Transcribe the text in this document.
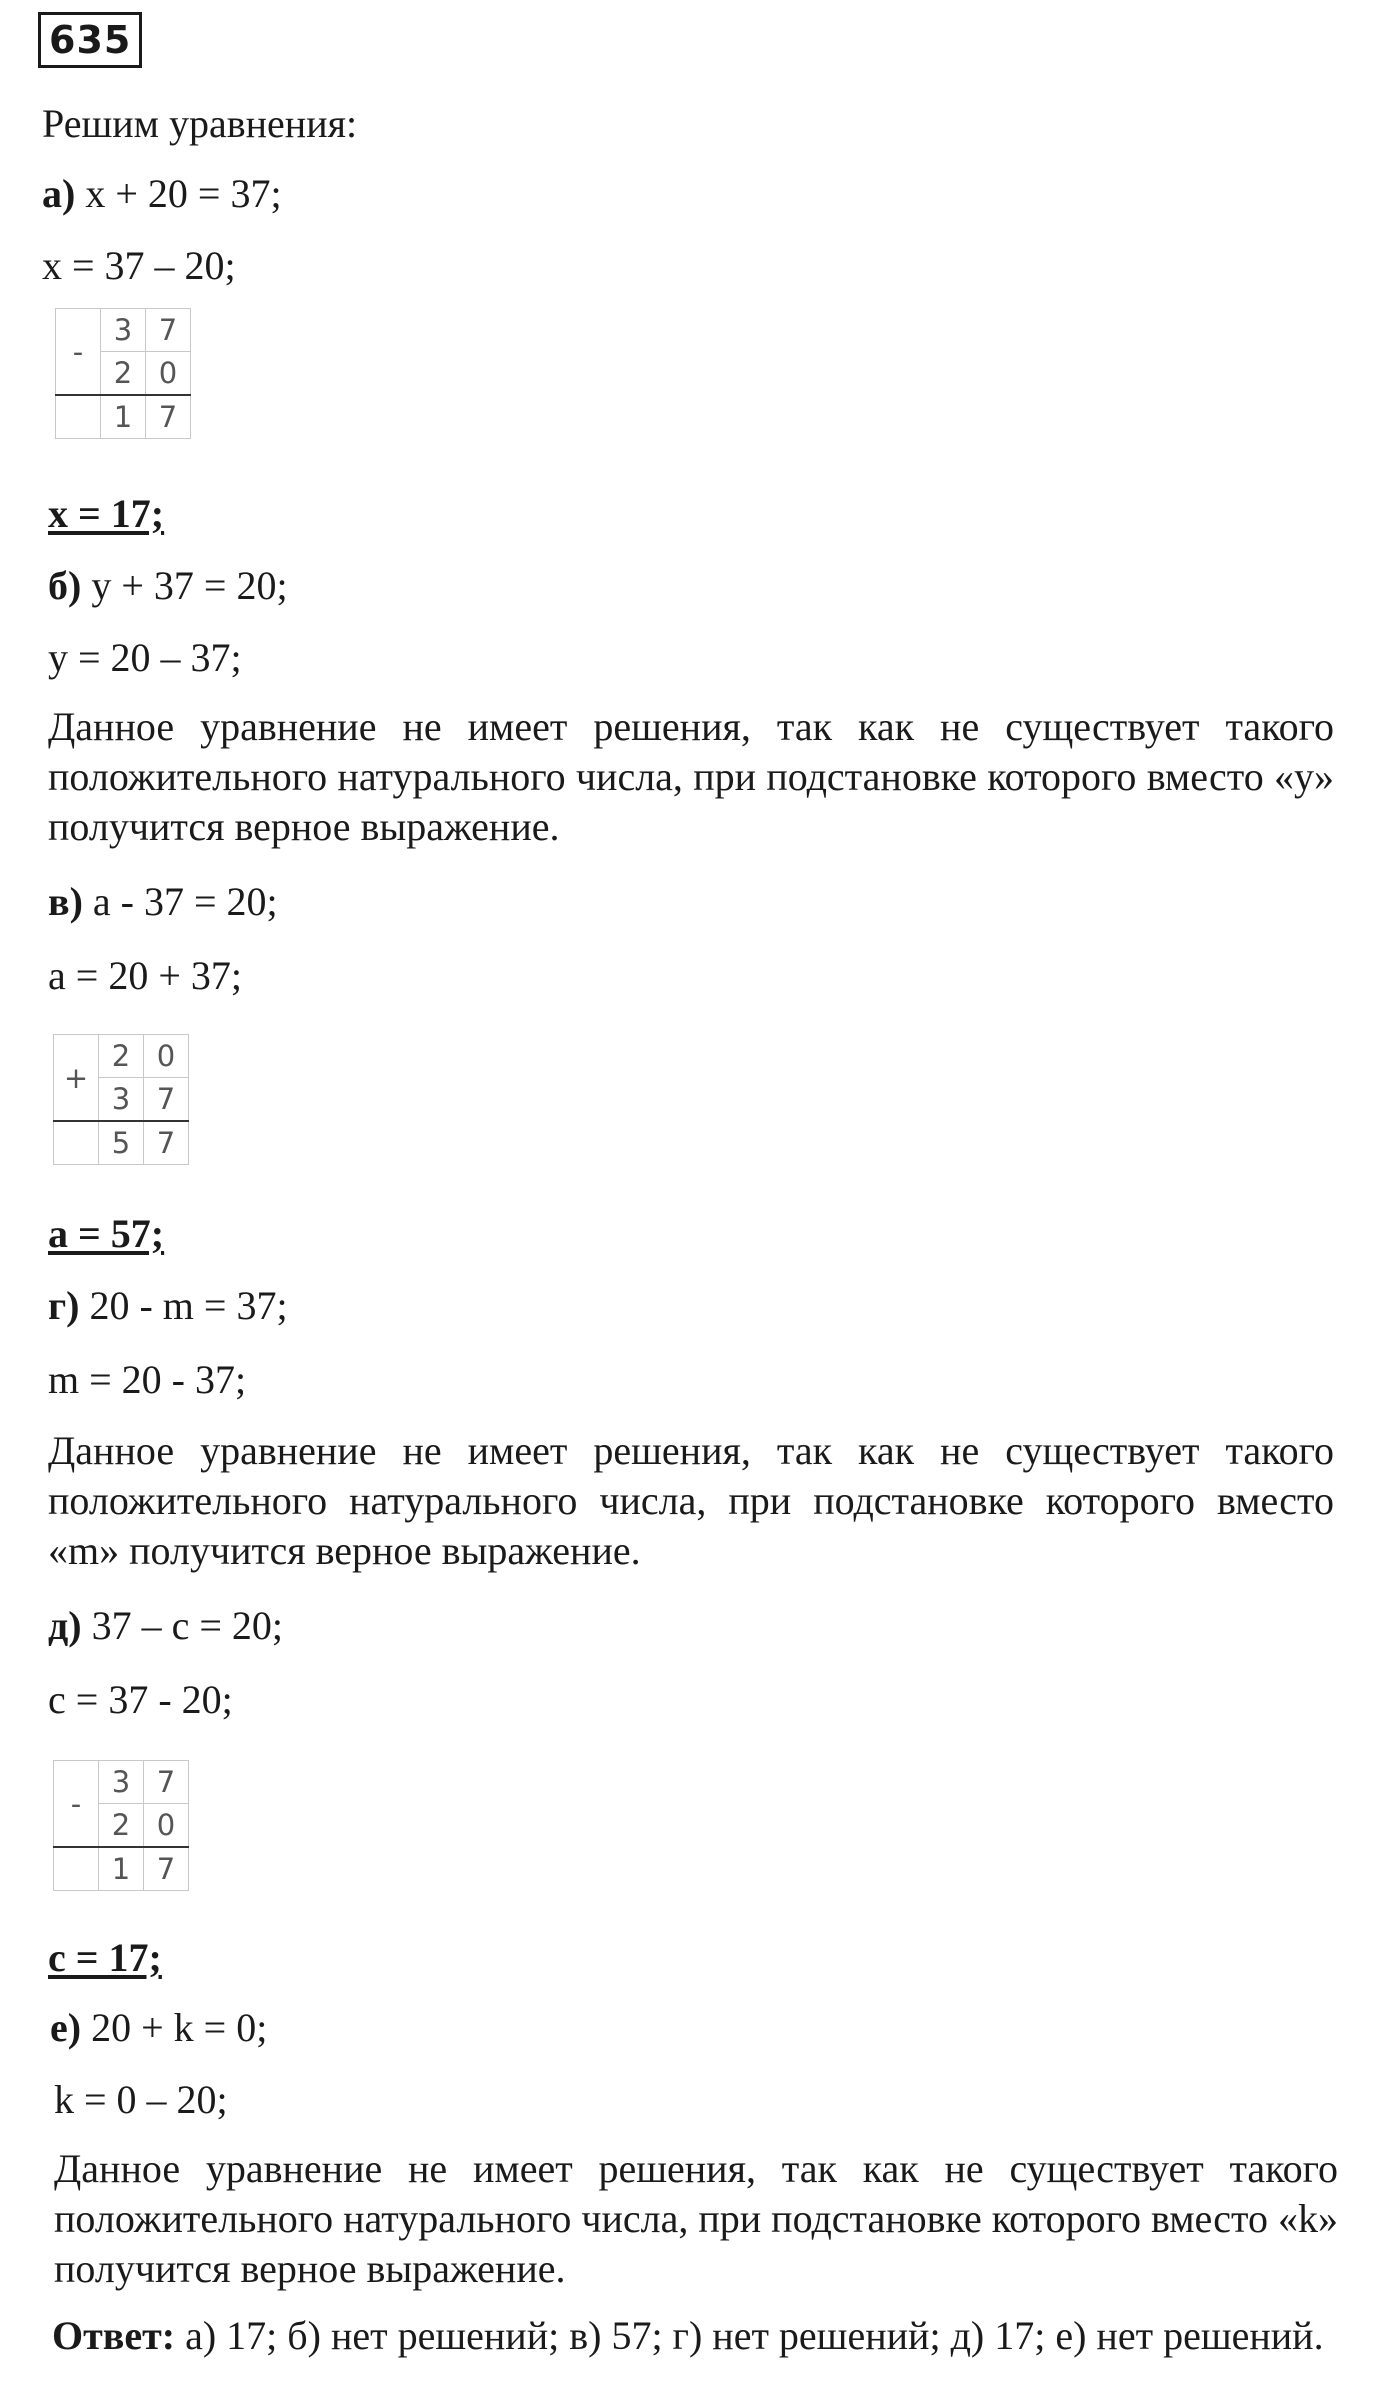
635
Решим уравнения:
а) x + 20 = 37;
x = 37 – 20;
-	3	7
	2	0
	1	7
x = 17;
б) y + 37 = 20;
y = 20 – 37;
Данное уравнение не имеет решения, так как не существует такого положительного натурального числа, при подстановке которого вместо «y» получится верное выражение.
в) a - 37 = 20;
a = 20 + 37;
+	2	0
	3	7
	5	7
a = 57;
г) 20 - m = 37;
m = 20 - 37;
Данное уравнение не имеет решения, так как не существует такого положительного натурального числа, при подстановке которого вместо «m» получится верное выражение.
д) 37 – c = 20;
c = 37 - 20;
-	3	7
	2	0
	1	7
c = 17;
е) 20 + k = 0;
k = 0 – 20;
Данное уравнение не имеет решения, так как не существует такого положительного натурального числа, при подстановке которого вместо «k» получится верное выражение.
Ответ: а) 17; б) нет решений; в) 57; г) нет решений; д) 17; е) нет решений.
